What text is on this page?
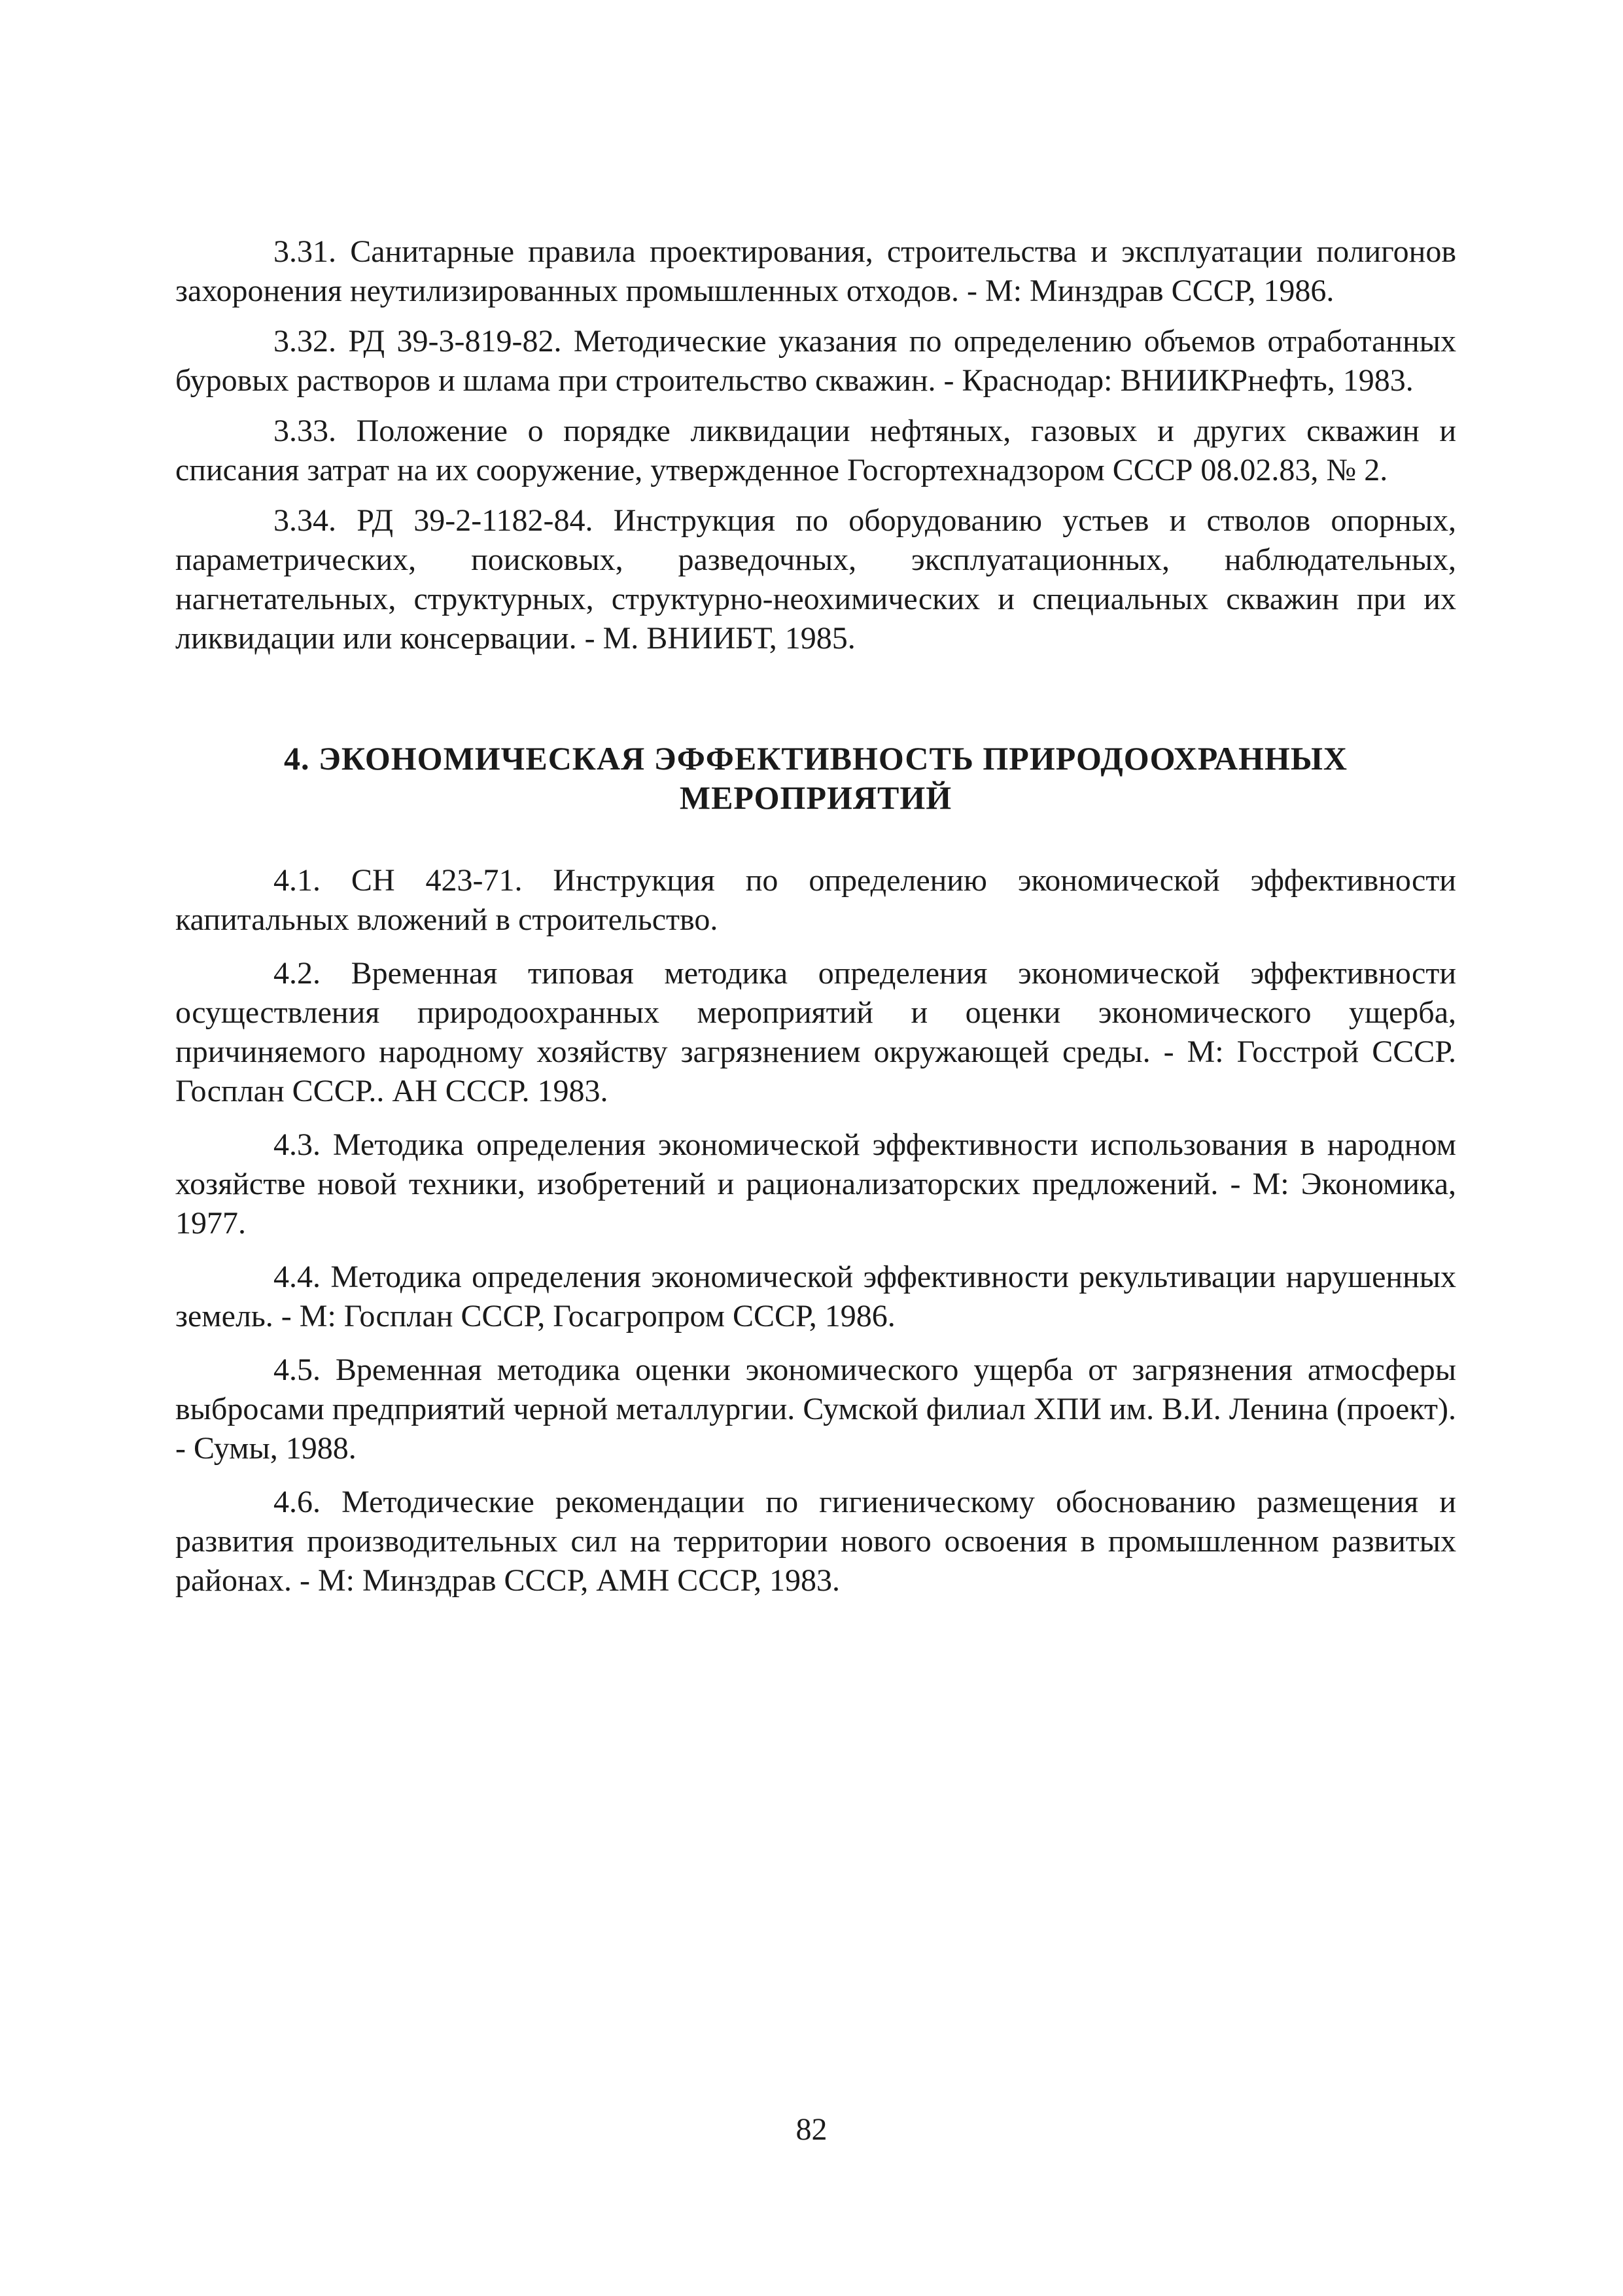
3.31. Санитарные правила проектирования, строительства и эксплуатации полигонов захоронения неутилизированных промышленных отходов. - М: Минздрав СССР, 1986.

3.32. РД 39-3-819-82. Методические указания по определению объемов отработанных буровых растворов и шлама при строительство скважин. - Краснодар: ВНИИКРнефть, 1983.

3.33. Положение о порядке ликвидации нефтяных, газовых и других скважин и списания затрат на их сооружение, утвержденное Госгортехнадзором СССР 08.02.83, № 2.

3.34. РД 39-2-1182-84. Инструкция по оборудованию устьев и стволов опорных, параметрических, поисковых, разведочных, эксплуатационных, наблюдательных, нагнетательных, структурных, структурно-неохимических и специальных скважин при их ликвидации или консервации. - М. ВНИИБТ, 1985.

4. ЭКОНОМИЧЕСКАЯ ЭФФЕКТИВНОСТЬ ПРИРОДООХРАННЫХ
МЕРОПРИЯТИЙ

4.1. СН 423-71. Инструкция по определению экономической эффективности капитальных вложений в строительство.

4.2. Временная типовая методика определения экономической эффективности осуществления природоохранных мероприятий и оценки экономического ущерба, причиняемого народному хозяйству загрязнением окружающей среды. - М: Госстрой СССР. Госплан СССР.. АН СССР. 1983.

4.3. Методика определения экономической эффективности использования в народном хозяйстве новой техники, изобретений и рационализаторских предложений. - М: Экономика, 1977.

4.4. Методика определения экономической эффективности рекультивации нарушенных земель. - М: Госплан СССР, Госагропром СССР, 1986.

4.5. Временная методика оценки экономического ущерба от загрязнения атмосферы выбросами предприятий черной металлургии. Сумской филиал ХПИ им. В.И. Ленина (проект). - Сумы, 1988.

4.6. Методические рекомендации по гигиеническому обоснованию размещения и развития производительных сил на территории нового освоения в промышленном развитых районах. - М: Минздрав СССР, АМН СССР, 1983.

82
